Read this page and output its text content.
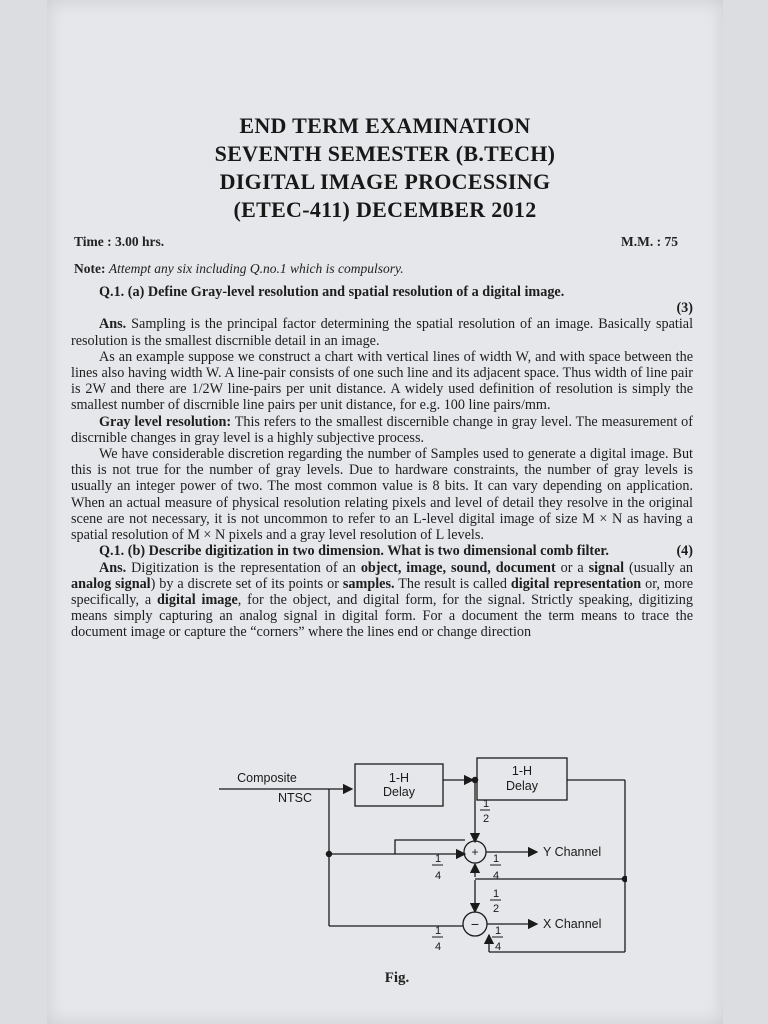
END TERM EXAMINATION
SEVENTH SEMESTER (B.TECH)
DIGITAL IMAGE PROCESSING
(ETEC-411) DECEMBER 2012
Time : 3.00 hrs.	M.M. : 75
Note: Attempt any six including Q.no.1 which is compulsory.

Q.1. (a) Define Gray-level resolution and spatial resolution of a digital image.

(3)

Ans. Sampling is the principal factor determining the spatial resolution of an image. Basically spatial resolution is the smallest discrnible detail in an image.

As an example suppose we construct a chart with vertical lines of width W, and with space between the lines also having width W. A line-pair consists of one such line and its adjacent space. Thus width of line pair is 2W and there are 1/2W line-pairs per unit distance. A widely used definition of resolution is simply the smallest number of discrnible line pairs per unit distance, for e.g. 100 line pairs/mm.

Gray level resolution: This refers to the smallest discernible change in gray level. The measurement of discrnible changes in gray level is a highly subjective process.

We have considerable discretion regarding the number of Samples used to generate a digital image. But this is not true for the number of gray levels. Due to hardware constraints, the number of gray levels is usually an integer power of two. The most common value is 8 bits. It can vary depending on application. When an actual measure of physical resolution relating pixels and level of detail they resolve in the original scene are not necessary, it is not uncommon to refer to an L-level digital image of size M × N as having a spatial resolution of M × N pixels and a gray level resolution of L levels.

Q.1. (b) Describe digitization in two dimension. What is two dimensional comb filter.	(4)

Ans. Digitization is the representation of an object, image, sound, document or a signal (usually an analog signal) by a discrete set of its points or samples. The result is called digital representation or, more specifically, a digital image, for the object, and digital form, for the signal. Strictly speaking, digitizing means simply capturing an analog signal in digital form. For a document the term means to trace the document image or capture the “corners” where the lines end or change direction

Composite
NTSC
1-H
Delay
1-H
Delay
1
2
1
4
1
4
1
2
1
4
1
4
+
−
Y Channel
X Channel
Fig.
